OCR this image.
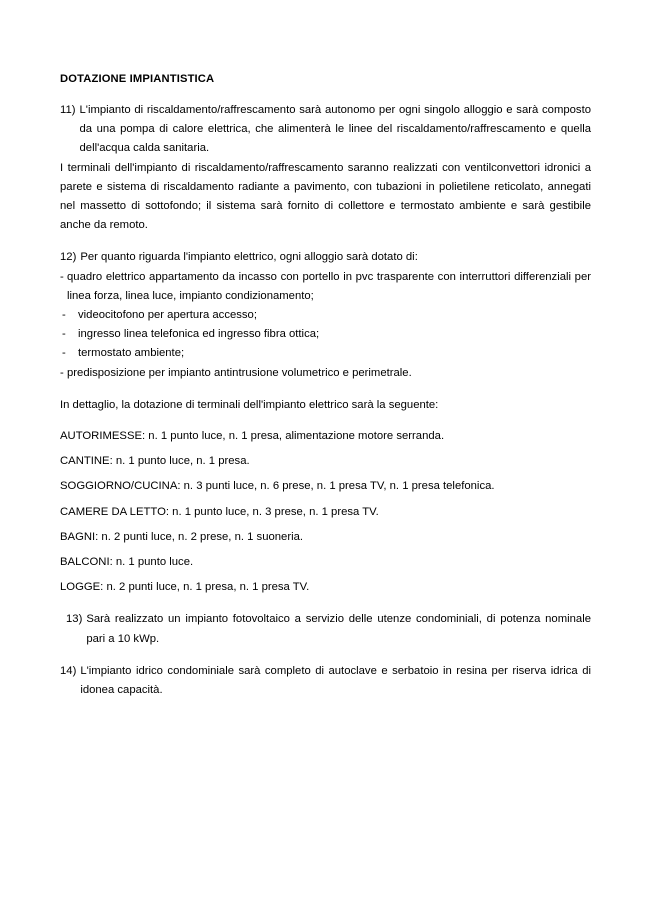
DOTAZIONE IMPIANTISTICA
11) L'impianto di riscaldamento/raffrescamento sarà autonomo per ogni singolo alloggio e sarà composto da una pompa di calore elettrica, che alimenterà le linee del riscaldamento/raffrescamento e quella dell'acqua calda sanitaria.

I terminali dell'impianto di riscaldamento/raffrescamento saranno realizzati con ventilconvettori idronici a parete e sistema di riscaldamento radiante a pavimento, con tubazioni in polietilene reticolato, annegati nel massetto di sottofondo; il sistema sarà fornito di collettore e termostato ambiente e sarà gestibile anche da remoto.

12) Per quanto riguarda l'impianto elettrico, ogni alloggio sarà dotato di:
- quadro elettrico appartamento da incasso con portello in pvc trasparente con interruttori differenziali per linea forza, linea luce, impianto condizionamento;
-	videocitofono per apertura accesso;
-	ingresso linea telefonica ed ingresso fibra ottica;
-	termostato ambiente;
- predisposizione per impianto antintrusione volumetrico e perimetrale.

In dettaglio, la dotazione di terminali dell'impianto elettrico sarà la seguente:

AUTORIMESSE: n. 1 punto luce, n. 1 presa, alimentazione motore serranda.

CANTINE: n. 1 punto luce, n. 1 presa.

SOGGIORNO/CUCINA: n. 3 punti luce, n. 6 prese, n. 1 presa TV, n. 1 presa telefonica.

CAMERE DA LETTO: n. 1 punto luce, n. 3 prese, n. 1 presa TV.

BAGNI: n. 2 punti luce, n. 2 prese, n. 1 suoneria.

BALCONI: n. 1 punto luce.

LOGGE: n. 2 punti luce, n. 1 presa, n. 1 presa TV.

13) Sarà realizzato un impianto fotovoltaico a servizio delle utenze condominiali, di potenza nominale pari a 10 kWp.
14) L'impianto idrico condominiale sarà completo di autoclave e serbatoio in resina per riserva idrica di idonea capacità.
